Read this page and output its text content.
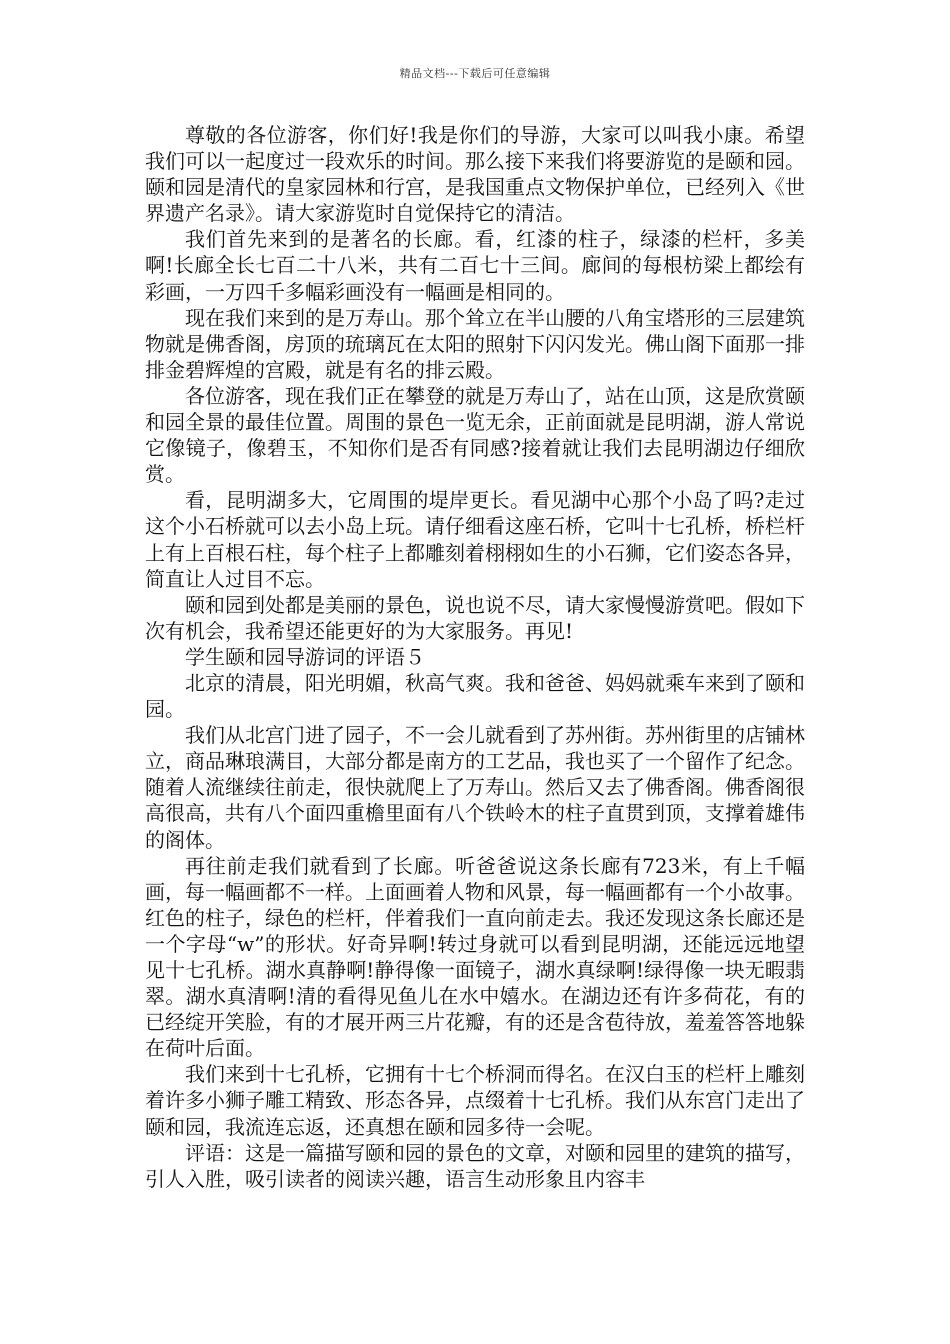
精品文档---下载后可任意编辑

尊敬的各位游客，你们好!我是你们的导游，大家可以叫我小康。希望我们可以一起度过一段欢乐的时间。那么接下来我们将要游览的是颐和园。颐和园是清代的皇家园林和行宫，是我国重点文物保护单位，已经列入《世界遗产名录》。请大家游览时自觉保持它的清洁。

我们首先来到的是著名的长廊。看，红漆的柱子，绿漆的栏杆，多美啊!长廊全长七百二十八米，共有二百七十三间。廊间的每根枋梁上都绘有彩画，一万四千多幅彩画没有一幅画是相同的。

现在我们来到的是万寿山。那个耸立在半山腰的八角宝塔形的三层建筑物就是佛香阁，房顶的琉璃瓦在太阳的照射下闪闪发光。佛山阁下面那一排排金碧辉煌的宫殿，就是有名的排云殿。

各位游客，现在我们正在攀登的就是万寿山了，站在山顶，这是欣赏颐和园全景的最佳位置。周围的景色一览无余，正前面就是昆明湖，游人常说它像镜子，像碧玉，不知你们是否有同感?接着就让我们去昆明湖边仔细欣赏。

看，昆明湖多大，它周围的堤岸更长。看见湖中心那个小岛了吗?走过这个小石桥就可以去小岛上玩。请仔细看这座石桥，它叫十七孔桥，桥栏杆上有上百根石柱，每个柱子上都雕刻着栩栩如生的小石狮，它们姿态各异，简直让人过目不忘。

颐和园到处都是美丽的景色，说也说不尽，请大家慢慢游赏吧。假如下次有机会，我希望还能更好的为大家服务。再见!

学生颐和园导游词的评语５

北京的清晨，阳光明媚，秋高气爽。我和爸爸、妈妈就乘车来到了颐和园。

我们从北宫门进了园子，不一会儿就看到了苏州街。苏州街里的店铺林立，商品琳琅满目，大部分都是南方的工艺品，我也买了一个留作了纪念。随着人流继续往前走，很快就爬上了万寿山。然后又去了佛香阁。佛香阁很高很高，共有八个面四重檐里面有八个铁岭木的柱子直贯到顶，支撑着雄伟的阁体。

再往前走我们就看到了长廊。听爸爸说这条长廊有723米，有上千幅画，每一幅画都不一样。上面画着人物和风景，每一幅画都有一个小故事。红色的柱子，绿色的栏杆，伴着我们一直向前走去。我还发现这条长廊还是一个字母“w”的形状。好奇异啊!转过身就可以看到昆明湖，还能远远地望见十七孔桥。湖水真静啊!静得像一面镜子，湖水真绿啊!绿得像一块无暇翡翠。湖水真清啊!清的看得见鱼儿在水中嬉水。在湖边还有许多荷花，有的已经绽开笑脸，有的才展开两三片花瓣，有的还是含苞待放，羞羞答答地躲在荷叶后面。

我们来到十七孔桥，它拥有十七个桥洞而得名。在汉白玉的栏杆上雕刻着许多小狮子雕工精致、形态各异，点缀着十七孔桥。我们从东宫门走出了颐和园，我流连忘返，还真想在颐和园多待一会呢。

评语：这是一篇描写颐和园的景色的文章，对颐和园里的建筑的描写，引人入胜，吸引读者的阅读兴趣，语言生动形象且内容丰
